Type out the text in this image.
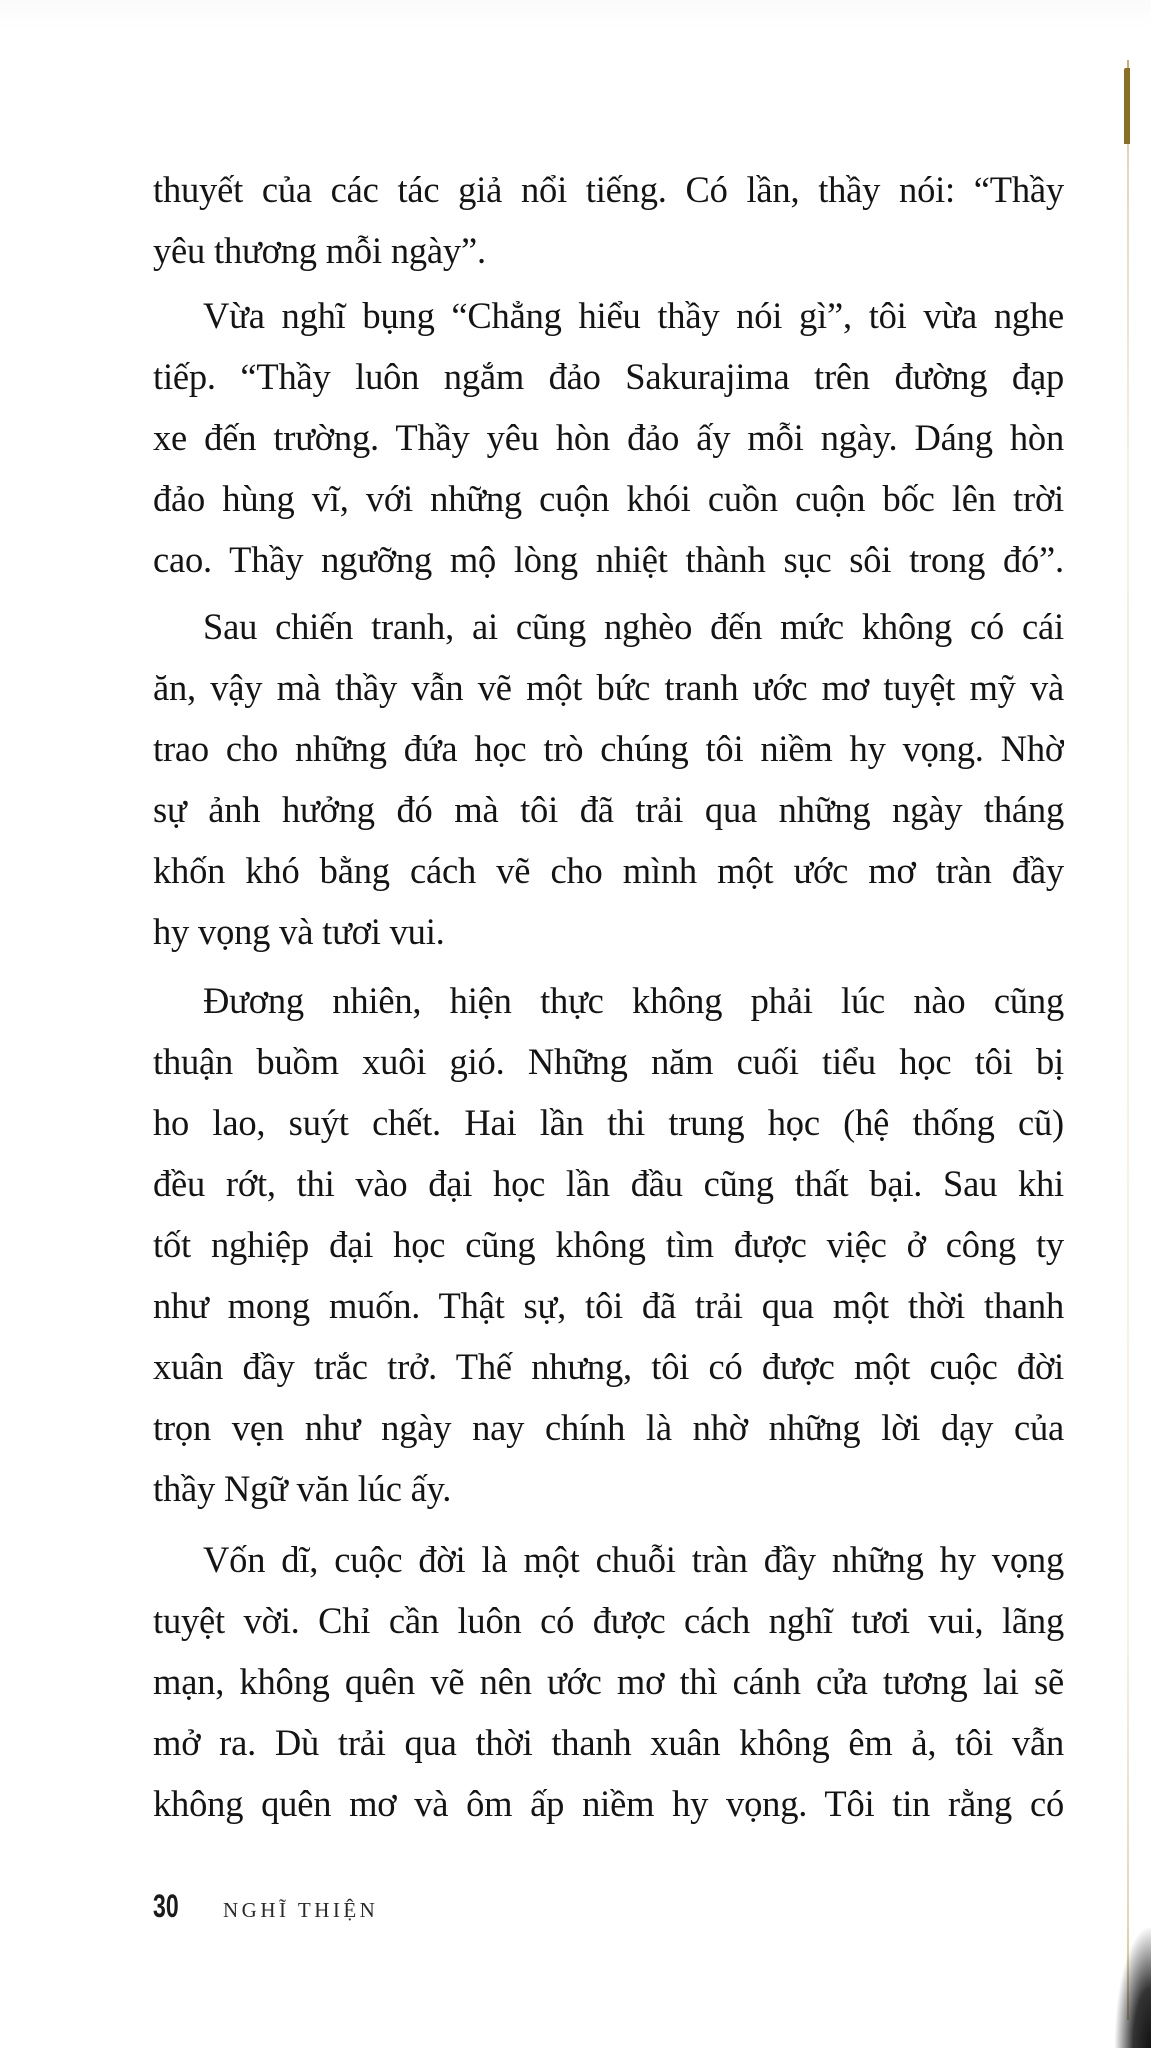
thuyết của các tác giả nổi tiếng. Có lần, thầy nói: “Thầy
yêu thương mỗi ngày”.
Vừa nghĩ bụng “Chẳng hiểu thầy nói gì”, tôi vừa nghe
tiếp. “Thầy luôn ngắm đảo Sakurajima trên đường đạp
xe đến trường. Thầy yêu hòn đảo ấy mỗi ngày. Dáng hòn
đảo hùng vĩ, với những cuộn khói cuồn cuộn bốc lên trời
cao. Thầy ngưỡng mộ lòng nhiệt thành sục sôi trong đó”.
Sau chiến tranh, ai cũng nghèo đến mức không có cái
ăn, vậy mà thầy vẫn vẽ một bức tranh ước mơ tuyệt mỹ và
trao cho những đứa học trò chúng tôi niềm hy vọng. Nhờ
sự ảnh hưởng đó mà tôi đã trải qua những ngày tháng
khốn khó bằng cách vẽ cho mình một ước mơ tràn đầy
hy vọng và tươi vui.
Đương nhiên, hiện thực không phải lúc nào cũng
thuận buồm xuôi gió. Những năm cuối tiểu học tôi bị
ho lao, suýt chết. Hai lần thi trung học (hệ thống cũ)
đều rớt, thi vào đại học lần đầu cũng thất bại. Sau khi
tốt nghiệp đại học cũng không tìm được việc ở công ty
như mong muốn. Thật sự, tôi đã trải qua một thời thanh
xuân đầy trắc trở. Thế nhưng, tôi có được một cuộc đời
trọn vẹn như ngày nay chính là nhờ những lời dạy của
thầy Ngữ văn lúc ấy.
Vốn dĩ, cuộc đời là một chuỗi tràn đầy những hy vọng
tuyệt vời. Chỉ cần luôn có được cách nghĩ tươi vui, lãng
mạn, không quên vẽ nên ước mơ thì cánh cửa tương lai sẽ
mở ra. Dù trải qua thời thanh xuân không êm ả, tôi vẫn
không quên mơ và ôm ấp niềm hy vọng. Tôi tin rằng có
30 NGHĨ THIỆN
